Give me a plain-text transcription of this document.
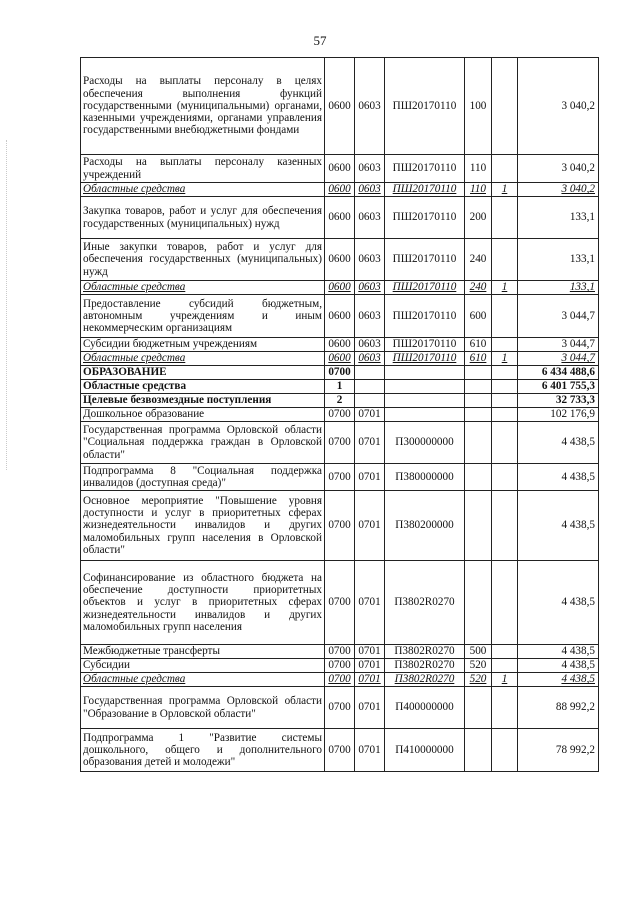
57
Расходы на выплаты персоналу в целях обеспечения выполнения функций государственными (муниципальными) органами, казенными учреждениями, органами управления государственными внебюджетными фондами	0600	0603	ПШ20170110	100		3 040,2
Расходы на выплаты персоналу казенных учреждений	0600	0603	ПШ20170110	110		3 040,2
Областные средства	0600	0603	ПШ20170110	110	1	3 040,2
Закупка товаров, работ и услуг для обеспечения государственных (муниципальных) нужд	0600	0603	ПШ20170110	200		133,1
Иные закупки товаров, работ и услуг для обеспечения государственных (муниципальных) нужд	0600	0603	ПШ20170110	240		133,1
Областные средства	0600	0603	ПШ20170110	240	1	133,1
Предоставление субсидий бюджетным, автономным учреждениям и иным некоммерческим организациям	0600	0603	ПШ20170110	600		3 044,7
Субсидии бюджетным учреждениям	0600	0603	ПШ20170110	610		3 044,7
Областные средства	0600	0603	ПШ20170110	610	1	3 044,7
ОБРАЗОВАНИЕ	0700					6 434 488,6
Областные средства	1					6 401 755,3
Целевые безвозмездные поступления	2					32 733,3
Дошкольное образование	0700	0701				102 176,9
Государственная программа Орловской области "Социальная поддержка граждан в Орловской области"	0700	0701	П300000000			4 438,5
Подпрограмма 8 "Социальная поддержка инвалидов (доступная среда)"	0700	0701	П380000000			4 438,5
Основное мероприятие "Повышение уровня доступности и услуг в приоритетных сферах жизнедеятельности инвалидов и других маломобильных групп населения в Орловской области"	0700	0701	П380200000			4 438,5
Софинансирование из областного бюджета на обеспечение доступности приоритетных объектов и услуг в приоритетных сферах жизнедеятельности инвалидов и других маломобильных групп населения	0700	0701	П3802R0270			4 438,5
Межбюджетные трансферты	0700	0701	П3802R0270	500		4 438,5
Субсидии	0700	0701	П3802R0270	520		4 438,5
Областные средства	0700	0701	П3802R0270	520	1	4 438,5
Государственная программа Орловской области "Образование в Орловской области"	0700	0701	П400000000			88 992,2
Подпрограмма 1 "Развитие системы дошкольного, общего и дополнительного образования детей и молодежи"	0700	0701	П410000000			78 992,2
